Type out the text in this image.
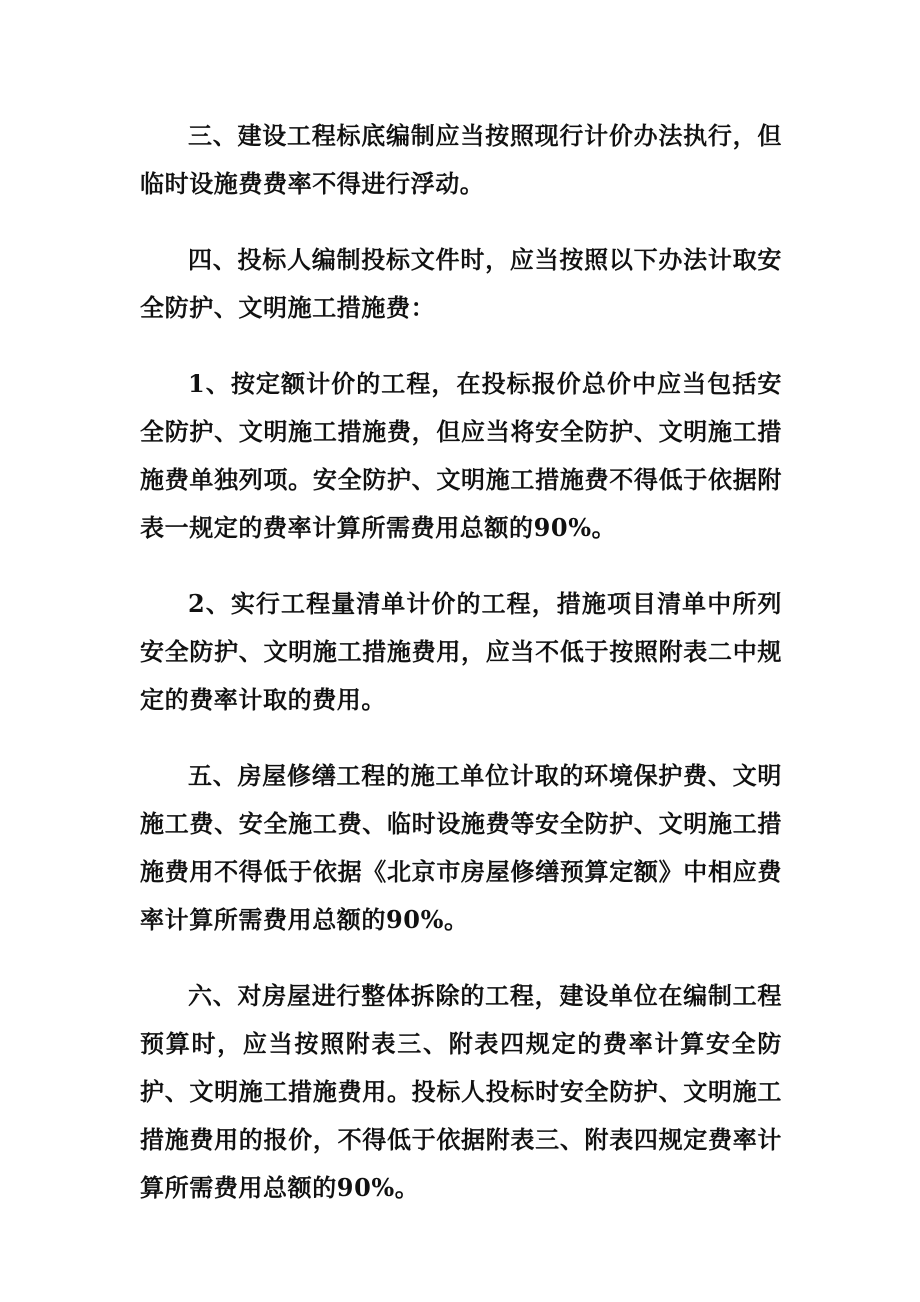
三、建设工程标底编制应当按照现行计价办法执行，但临时设施费费率不得进行浮动。

四、投标人编制投标文件时，应当按照以下办法计取安全防护、文明施工措施费：

1、按定额计价的工程，在投标报价总价中应当包括安全防护、文明施工措施费，但应当将安全防护、文明施工措施费单独列项。安全防护、文明施工措施费不得低于依据附表一规定的费率计算所需费用总额的90%。

2、实行工程量清单计价的工程，措施项目清单中所列安全防护、文明施工措施费用，应当不低于按照附表二中规定的费率计取的费用。

五、房屋修缮工程的施工单位计取的环境保护费、文明施工费、安全施工费、临时设施费等安全防护、文明施工措施费用不得低于依据《北京市房屋修缮预算定额》中相应费率计算所需费用总额的90%。

六、对房屋进行整体拆除的工程，建设单位在编制工程预算时，应当按照附表三、附表四规定的费率计算安全防护、文明施工措施费用。投标人投标时安全防护、文明施工措施费用的报价，不得低于依据附表三、附表四规定费率计算所需费用总额的90%。
